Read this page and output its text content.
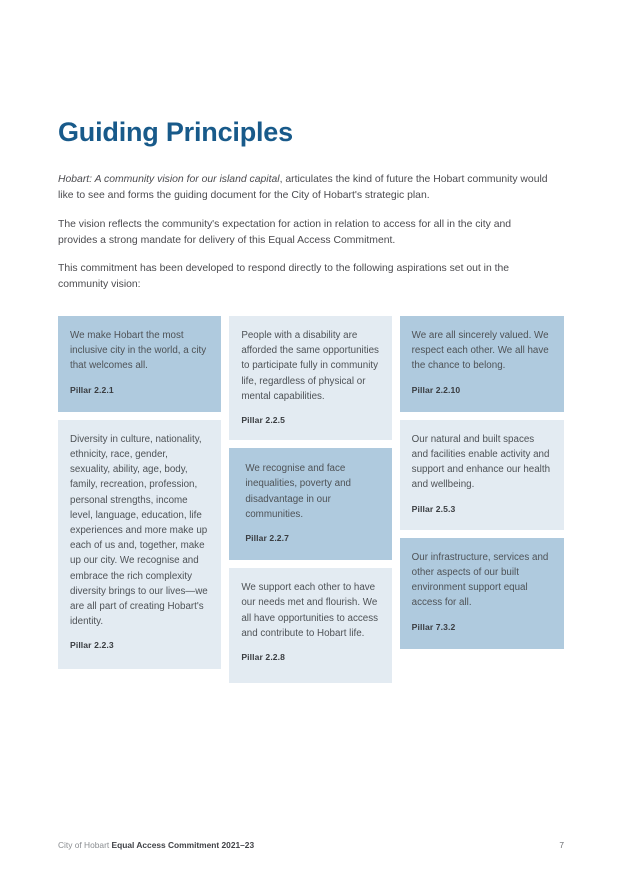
Guiding Principles

Hobart: A community vision for our island capital, articulates the kind of future the Hobart community would like to see and forms the guiding document for the City of Hobart's strategic plan.

The vision reflects the community's expectation for action in relation to access for all in the city and provides a strong mandate for delivery of this Equal Access Commitment.

This commitment has been developed to respond directly to the following aspirations set out in the community vision:

We make Hobart the most inclusive city in the world, a city that welcomes all.

Pillar 2.2.1

Diversity in culture, nationality, ethnicity, race, gender, sexuality, ability, age, body, family, recreation, profession, personal strengths, income level, language, education, life experiences and more make up each of us and, together, make up our city. We recognise and embrace the rich complexity diversity brings to our lives—we are all part of creating Hobart's identity.

Pillar 2.2.3

People with a disability are afforded the same opportunities to participate fully in community life, regardless of physical or mental capabilities.

Pillar 2.2.5

We recognise and face inequalities, poverty and disadvantage in our communities.

Pillar 2.2.7

We support each other to have our needs met and flourish. We all have opportunities to access and contribute to Hobart life.

Pillar 2.2.8

We are all sincerely valued. We respect each other. We all have the chance to belong.

Pillar 2.2.10

Our natural and built spaces and facilities enable activity and support and enhance our health and wellbeing.

Pillar 2.5.3

Our infrastructure, services and other aspects of our built environment support equal access for all.

Pillar 7.3.2

City of Hobart Equal Access Commitment 2021–23	7
